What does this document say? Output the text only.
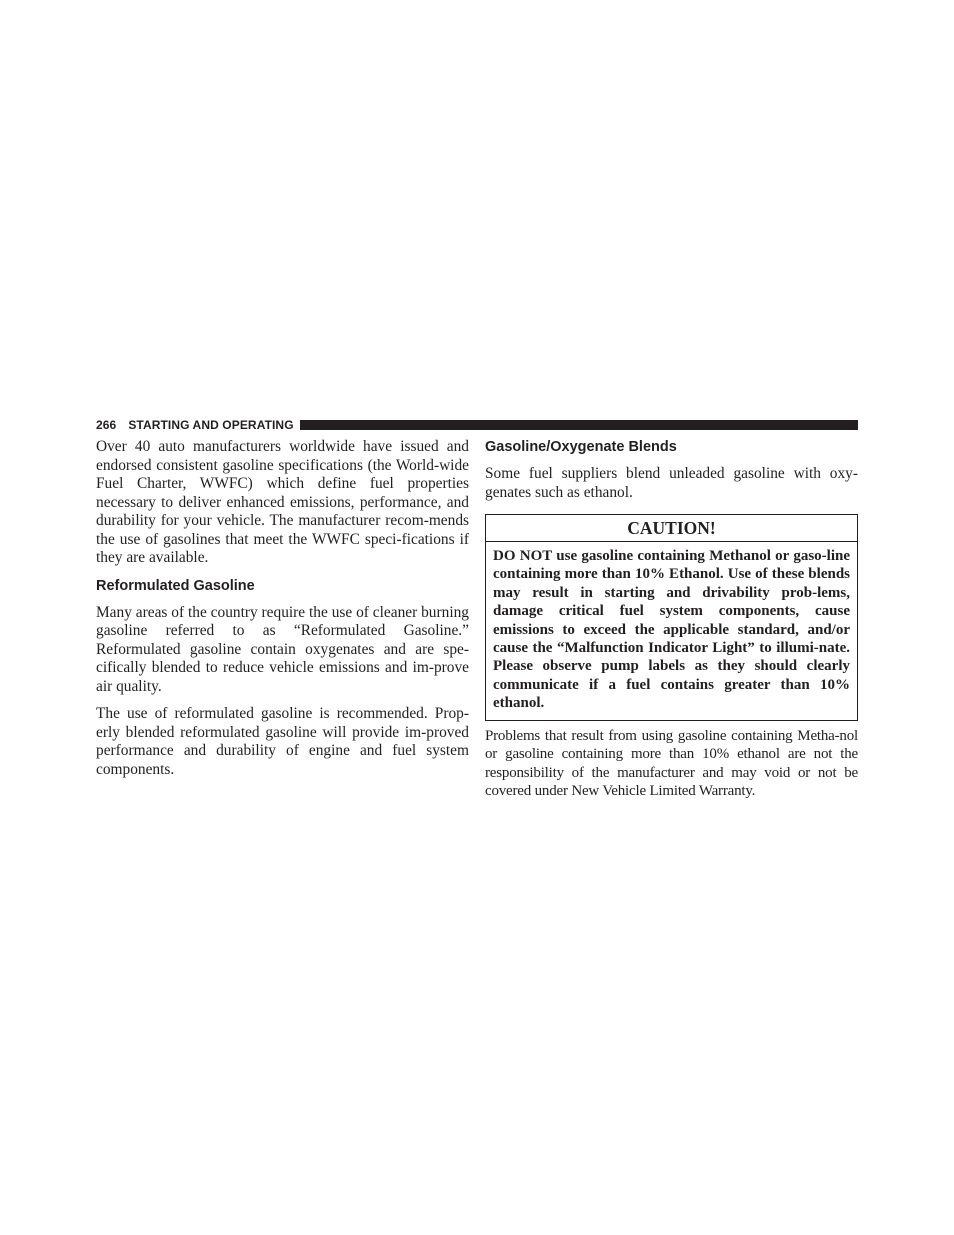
266 STARTING AND OPERATING

Over 40 auto manufacturers worldwide have issued and endorsed consistent gasoline specifications (the World-wide Fuel Charter, WWFC) which define fuel properties necessary to deliver enhanced emissions, performance, and durability for your vehicle. The manufacturer recom-mends the use of gasolines that meet the WWFC speci-fications if they are available.

Reformulated Gasoline

Many areas of the country require the use of cleaner burning gasoline referred to as “Reformulated Gasoline.” Reformulated gasoline contain oxygenates and are spe-cifically blended to reduce vehicle emissions and im-prove air quality.

The use of reformulated gasoline is recommended. Prop-erly blended reformulated gasoline will provide im-proved performance and durability of engine and fuel system components.

Gasoline/Oxygenate Blends

Some fuel suppliers blend unleaded gasoline with oxy-genates such as ethanol.

CAUTION!
DO NOT use gasoline containing Methanol or gaso-line containing more than 10% Ethanol. Use of these blends may result in starting and drivability prob-lems, damage critical fuel system components, cause emissions to exceed the applicable standard, and/or cause the “Malfunction Indicator Light” to illumi-nate. Please observe pump labels as they should clearly communicate if a fuel contains greater than 10% ethanol.

Problems that result from using gasoline containing Metha-nol or gasoline containing more than 10% ethanol are not the responsibility of the manufacturer and may void or not be covered under New Vehicle Limited Warranty.
